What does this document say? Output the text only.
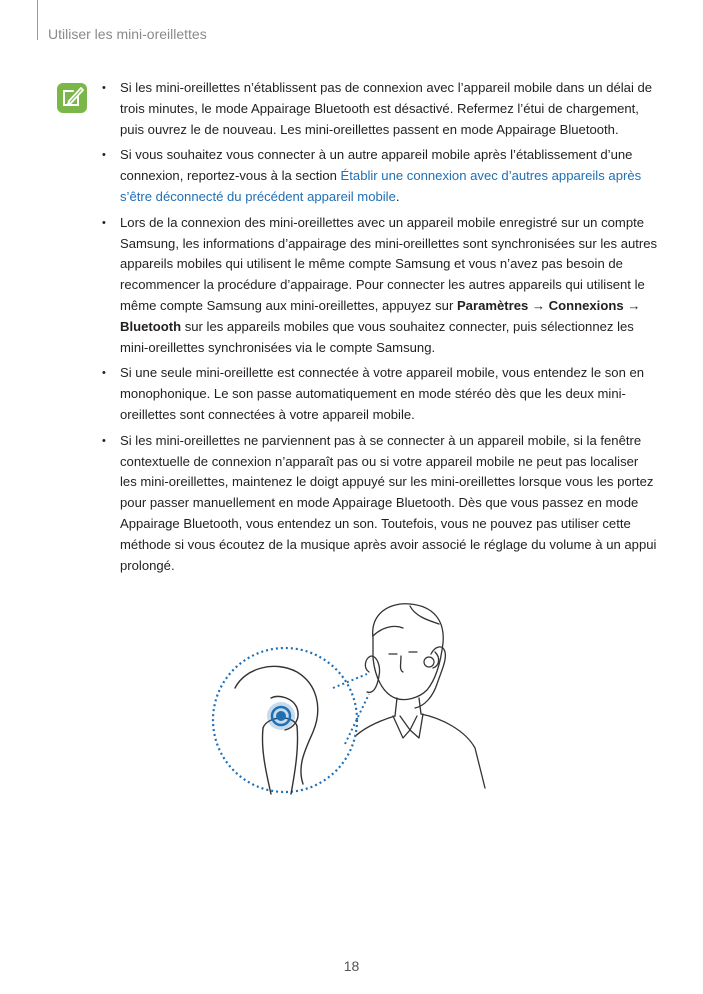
Utiliser les mini-oreillettes
• Si les mini-oreillettes n’établissent pas de connexion avec l’appareil mobile dans un délai de trois minutes, le mode Appairage Bluetooth est désactivé. Refermez l’étui de chargement, puis ouvrez le de nouveau. Les mini-oreillettes passent en mode Appairage Bluetooth.
• Si vous souhaitez vous connecter à un autre appareil mobile après l’établissement d’une connexion, reportez-vous à la section Établir une connexion avec d’autres appareils après s’être déconnecté du précédent appareil mobile.
• Lors de la connexion des mini-oreillettes avec un appareil mobile enregistré sur un compte Samsung, les informations d’appairage des mini-oreillettes sont synchronisées sur les autres appareils mobiles qui utilisent le même compte Samsung et vous n’avez pas besoin de recommencer la procédure d’appairage. Pour connecter les autres appareils qui utilisent le même compte Samsung aux mini-oreillettes, appuyez sur Paramètres → Connexions → Bluetooth sur les appareils mobiles que vous souhaitez connecter, puis sélectionnez les mini-oreillettes synchronisées via le compte Samsung.
• Si une seule mini-oreillette est connectée à votre appareil mobile, vous entendez le son en monophonique. Le son passe automatiquement en mode stéréo dès que les deux mini-oreillettes sont connectées à votre appareil mobile.
• Si les mini-oreillettes ne parviennent pas à se connecter à un appareil mobile, si la fenêtre contextuelle de connexion n’apparaît pas ou si votre appareil mobile ne peut pas localiser les mini-oreillettes, maintenez le doigt appuyé sur les mini-oreillettes lorsque vous les portez pour passer manuellement en mode Appairage Bluetooth. Dès que vous passez en mode Appairage Bluetooth, vous entendez un son. Toutefois, vous ne pouvez pas utiliser cette méthode si vous écoutez de la musique après avoir associé le réglage du volume à un appui prolongé.
18
